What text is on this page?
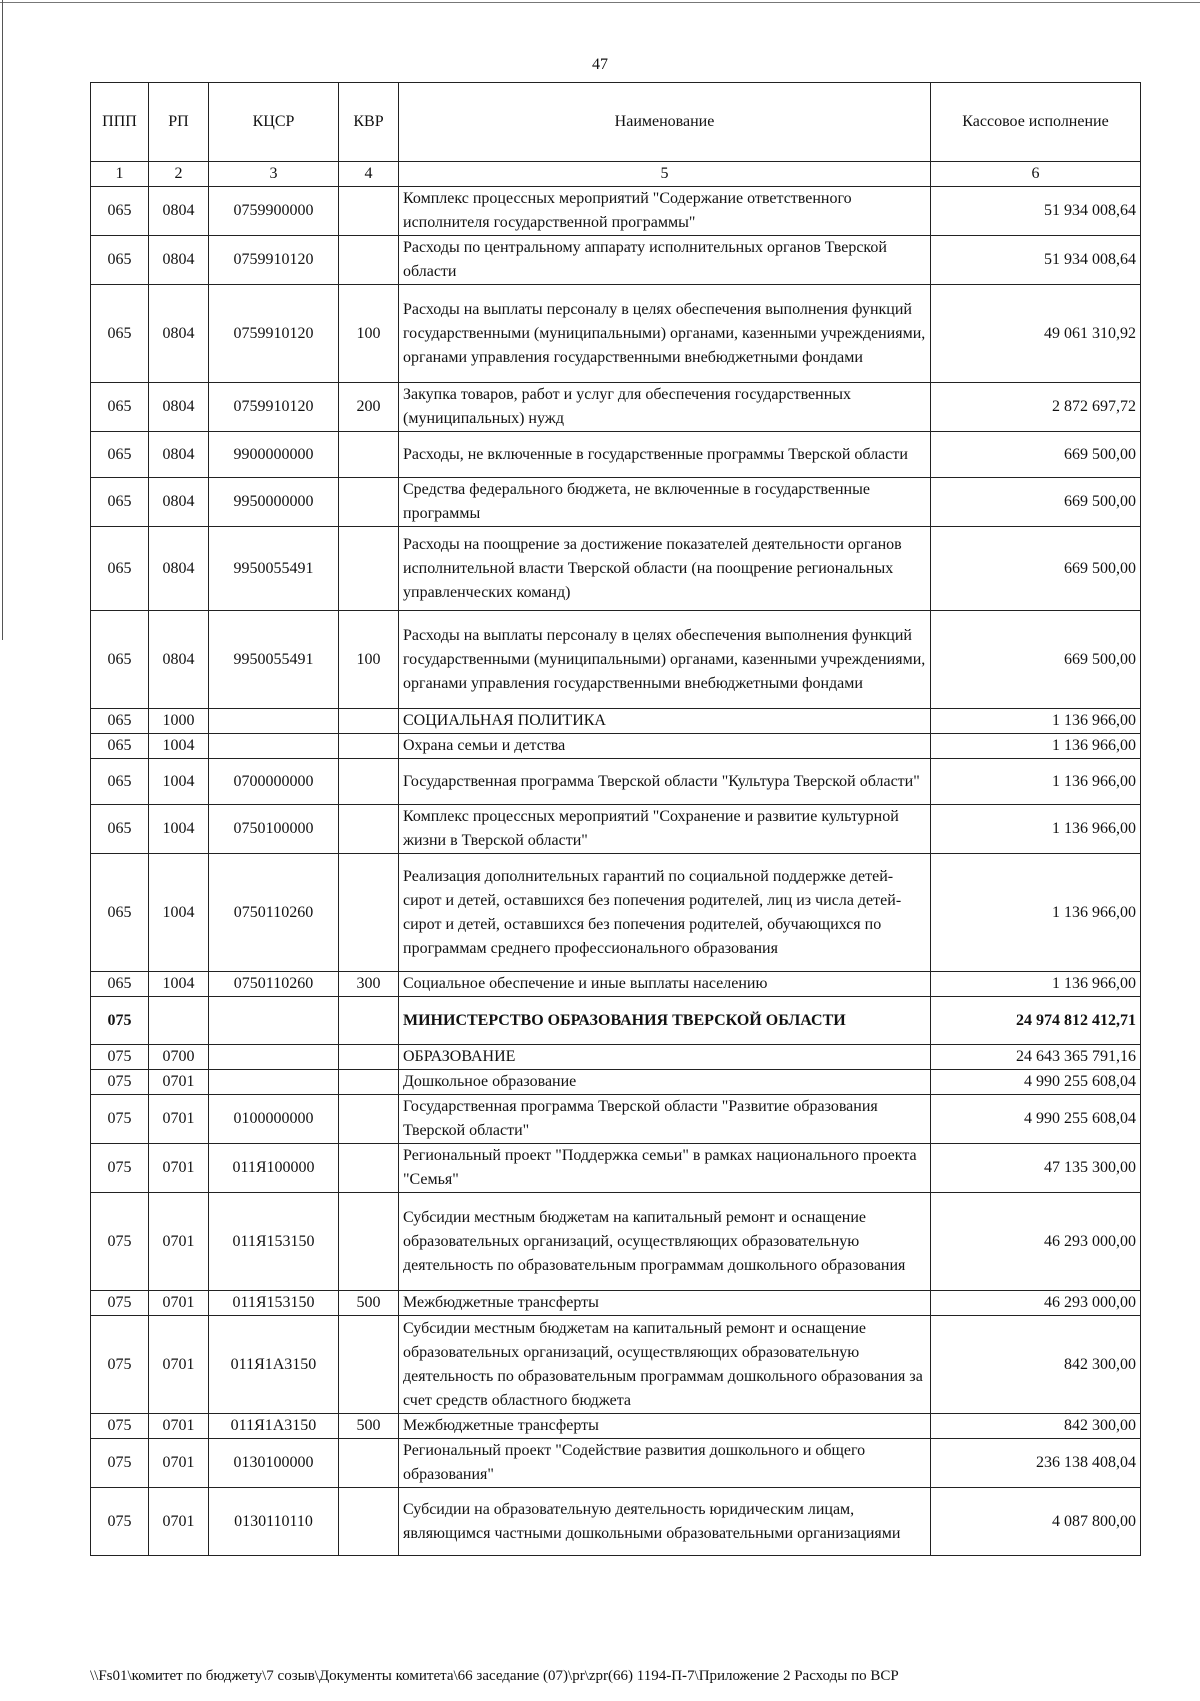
47
ППП	РП	КЦСР	КВР	Наименование	Кассовое исполнение
1	2	3	4	5	6
065	0804	0759900000		Комплекс процессных мероприятий "Содержание ответственного исполнителя государственной программы"	51 934 008,64
065	0804	0759910120		Расходы по центральному аппарату исполнительных органов Тверской области	51 934 008,64
065	0804	0759910120	100	Расходы на выплаты персоналу в целях обеспечения выполнения функций государственными (муниципальными) органами, казенными учреждениями, органами управления государственными внебюджетными фондами	49 061 310,92
065	0804	0759910120	200	Закупка товаров, работ и услуг для обеспечения государственных (муниципальных) нужд	2 872 697,72
065	0804	9900000000		Расходы, не включенные в государственные программы Тверской области	669 500,00
065	0804	9950000000		Средства федерального бюджета, не включенные в государственные программы	669 500,00
065	0804	9950055491		Расходы на поощрение за достижение показателей деятельности органов исполнительной власти Тверской области (на поощрение региональных управленческих команд)	669 500,00
065	0804	9950055491	100	Расходы на выплаты персоналу в целях обеспечения выполнения функций государственными (муниципальными) органами, казенными учреждениями, органами управления государственными внебюджетными фондами	669 500,00
065	1000			СОЦИАЛЬНАЯ ПОЛИТИКА	1 136 966,00
065	1004			Охрана семьи и детства	1 136 966,00
065	1004	0700000000		Государственная программа Тверской области "Культура Тверской области"	1 136 966,00
065	1004	0750100000		Комплекс процессных мероприятий "Сохранение и развитие культурной жизни в Тверской области"	1 136 966,00
065	1004	0750110260		Реализация дополнительных гарантий по социальной поддержке детей-сирот и детей, оставшихся без попечения родителей, лиц из числа детей-сирот и детей, оставшихся без попечения родителей, обучающихся по программам среднего профессионального образования	1 136 966,00
065	1004	0750110260	300	Социальное обеспечение и иные выплаты населению	1 136 966,00
075				МИНИСТЕРСТВО ОБРАЗОВАНИЯ ТВЕРСКОЙ ОБЛАСТИ	24 974 812 412,71
075	0700			ОБРАЗОВАНИЕ	24 643 365 791,16
075	0701			Дошкольное образование	4 990 255 608,04
075	0701	0100000000		Государственная программа Тверской области "Развитие образования Тверской области"	4 990 255 608,04
075	0701	011Я100000		Региональный проект "Поддержка семьи" в рамках национального проекта "Семья"	47 135 300,00
075	0701	011Я153150		Субсидии местным бюджетам на капитальный ремонт и оснащение образовательных организаций, осуществляющих образовательную деятельность по образовательным программам дошкольного образования	46 293 000,00
075	0701	011Я153150	500	Межбюджетные трансферты	46 293 000,00
075	0701	011Я1А3150		Субсидии местным бюджетам на капитальный ремонт и оснащение образовательных организаций, осуществляющих образовательную деятельность по образовательным программам дошкольного образования за счет средств областного бюджета	842 300,00
075	0701	011Я1А3150	500	Межбюджетные трансферты	842 300,00
075	0701	0130100000		Региональный проект "Содействие развития дошкольного и общего образования"	236 138 408,04
075	0701	0130110110		Субсидии на образовательную деятельность юридическим лицам, являющимся частными дошкольными образовательными организациями	4 087 800,00
\\Fs01\комитет по бюджету\7 созыв\Документы комитета\66 заседание (07)\pr\zpr(66) 1194-П-7\Приложение 2 Расходы по ВСР
